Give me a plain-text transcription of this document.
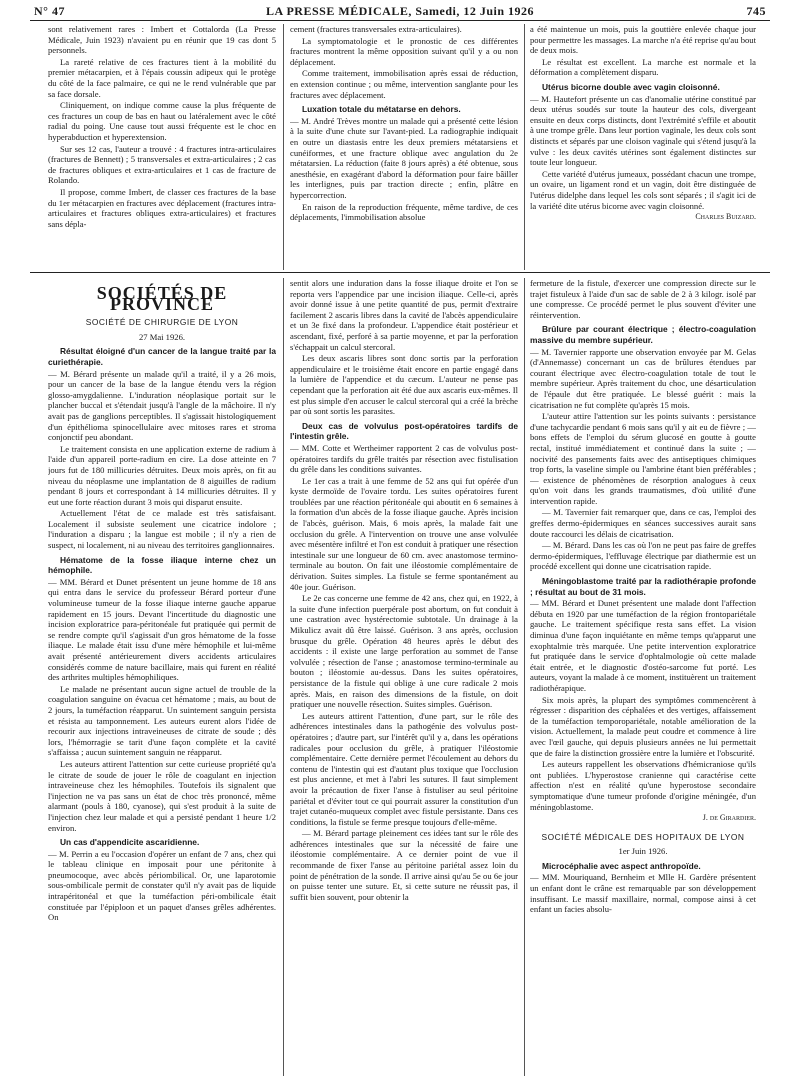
N° 47	LA PRESSE MÉDICALE, Samedi, 12 Juin 1926	745

sont relativement rares : Imbert et Cottalorda (La Presse Médicale, Juin 1923) n'avaient pu en réunir que 19 cas dont 5 personnels.

La rareté relative de ces fractures tient à la mobilité du premier métacarpien, et à l'épais coussin adipeux qui le protège du côté de la face palmaire, ce qui ne le rend vulnérable que par sa face dorsale.

Cliniquement, on indique comme cause la plus fréquente de ces fractures un coup de bas en haut ou latéralement avec le côté radial du poing. Une cause tout aussi fréquente est le choc en hyperabduction et hyperextension.

Sur ses 12 cas, l'auteur a trouvé : 4 fractures intra-articulaires (fractures de Bennett) ; 5 transversales et extra-articulaires ; 2 cas de fractures obliques et extra-articulaires et 1 cas de fracture de Rolando.

Il propose, comme Imbert, de classer ces fractures de la base du 1er métacarpien en fractures avec déplacement (fractures intra-articulaires et fractures obliques extra-articulaires) et fractures sans dépla-

cement (fractures transversales extra-articulaires).

La symptomatologie et le pronostic de ces différentes fractures montrent la même opposition suivant qu'il y a ou non déplacement.

Comme traitement, immobilisation après essai de réduction, en extension continue ; ou même, intervention sanglante pour les fractures avec déplacement.

Luxation totale du métatarse en dehors.

— M. André Trèves montre un malade qui a présenté cette lésion à la suite d'une chute sur l'avant-pied. La radiographie indiquait en outre un diastasis entre les deux premiers métatarsiens et cunéiformes, et une fracture oblique avec angulation du 2e métatarsien. La réduction (faite 8 jours après) a été obtenue, sous anesthésie, en exagérant d'abord la déformation pour faire bâiller les interlignes, puis par traction directe ; enfin, plâtre en hypercorrection.

En raison de la reproduction fréquente, même tardive, de ces déplacements, l'immobilisation absolue

a été maintenue un mois, puis la gouttière enlevée chaque jour pour permettre les massages. La marche n'a été reprise qu'au bout de deux mois.

Le résultat est excellent. La marche est normale et la déformation a complètement disparu.

Utérus bicorne double avec vagin cloisonné.

— M. Hautefort présente un cas d'anomalie utérine constitué par deux utérus soudés sur toute la hauteur des cols, divergeant ensuite en deux corps distincts, dont l'extrémité s'effile et aboutit à une trompe grêle. Dans leur portion vaginale, les deux cols sont distincts et séparés par une cloison vaginale qui s'étend jusqu'à la vulve : les deux cavités utérines sont également distinctes sur toute leur longueur.

Cette variété d'utérus jumeaux, possédant chacun une trompe, un ovaire, un ligament rond et un vagin, doit être distinguée de l'utérus didelphe dans lequel les cols sont séparés ; il s'agit ici de la variété dite utérus bicorne avec vagin cloisonné.

Charles Buizard.

SOCIÉTÉS DE PROVINCE

SOCIÉTÉ DE CHIRURGIE DE LYON

27 Mai 1926.

Résultat éloigné d'un cancer de la langue traité par la curiethérapie.

— M. Bérard présente un malade qu'il a traité, il y a 26 mois, pour un cancer de la base de la langue étendu vers la région glosso-amygdalienne. L'induration néoplasique portait sur le plancher buccal et s'étendait jusqu'à l'angle de la mâchoire. Il n'y avait pas de ganglions perceptibles. Il s'agissait histologiquement d'un épithélioma spinocellulaire avec mitoses rares et stroma conjonctif peu abondant.

Le traitement consista en une application externe de radium à l'aide d'un appareil porte-radium en cire. La dose atteinte en 7 jours fut de 180 millicuries détruites. Deux mois après, on fit au niveau du néoplasme une implantation de 8 aiguilles de radium pendant 8 jours et correspondant à 14 millicuries détruites. Il y eut une forte réaction durant 3 mois qui disparut ensuite.

Actuellement l'état de ce malade est très satisfaisant. Localement il subsiste seulement une cicatrice indolore ; l'induration a disparu ; la langue est mobile ; il n'y a rien de suspect, ni localement, ni au niveau des territoires ganglionnaires.

Hématome de la fosse iliaque interne chez un hémophile.

— MM. Bérard et Dunet présentent un jeune homme de 18 ans qui entra dans le service du professeur Bérard porteur d'une volumineuse tumeur de la fosse iliaque interne gauche apparue rapidement en 15 jours. Devant l'incertitude du diagnostic une incision exploratrice para-péritonéale fut pratiquée qui permit de se rendre compte qu'il s'agissait d'un gros hématome de la fosse iliaque. Le malade était issu d'une mère hémophile et lui-même avait présenté antérieurement divers accidents articulaires considérés comme de nature bacillaire, mais qui furent en réalité des arthrites multiples hémophiliques.

Le malade ne présentant aucun signe actuel de trouble de la coagulation sanguine on évacua cet hématome ; mais, au bout de 2 jours, la tuméfaction réapparut. Un suintement sanguin persista et résista au tamponnement. Les auteurs eurent alors l'idée de recourir aux injections intraveineuses de citrate de soude ; dès lors, l'hémorragie se tarit d'une façon complète et la cavité s'affaissa ; aucun suintement sanguin ne réapparut.

Les auteurs attirent l'attention sur cette curieuse propriété qu'a le citrate de soude de jouer le rôle de coagulant en injection intraveineuse chez les hémophiles. Toutefois ils signalent que l'injection ne va pas sans un état de choc très prononcé, même alarmant (pouls à 180, cyanose), qui s'est produit à la suite de l'injection chez leur malade et qui a persisté pendant 1 heure 1/2 environ.

Un cas d'appendicite ascaridienne.

— M. Perrin a eu l'occasion d'opérer un enfant de 7 ans, chez qui le tableau clinique en imposait pour une péritonite à pneumocoque, avec abcès périombilical. Or, une laparotomie sous-ombilicale permit de constater qu'il n'y avait pas de liquide intrapéritonéal et que la tuméfaction péri-ombilicale était constituée par l'épiploon et un paquet d'anses grêles adhérentes. On

sentit alors une induration dans la fosse iliaque droite et l'on se reporta vers l'appendice par une incision iliaque. Celle-ci, après avoir donné issue à une petite quantité de pus, permit d'extraire facilement 2 ascaris libres dans la cavité de l'abcès appendiculaire et un 3e fixé dans la profondeur. L'appendice était postérieur et ascendant, fixé, perforé à sa partie moyenne, et par la perforation s'échappait un calcul stercoral.

Les deux ascaris libres sont donc sortis par la perforation appendiculaire et le troisième était encore en partie engagé dans la lumière de l'appendice et du cæcum. L'auteur ne pense pas cependant que la perforation ait été due aux ascaris eux-mêmes. Il est plus simple d'en accuser le calcul stercoral qui a créé la brèche par où sont sortis les parasites.

Deux cas de volvulus post-opératoires tardifs de l'intestin grêle.

— MM. Cotte et Wertheimer rapportent 2 cas de volvulus post-opératoires tardifs du grêle traités par résection avec fistulisation du grêle dans les conditions suivantes.

Le 1er cas a trait à une femme de 52 ans qui fut opérée d'un kyste dermoïde de l'ovaire tordu. Les suites opératoires furent troublées par une réaction péritonéale qui aboutit en 6 semaines à la formation d'un abcès de la fosse iliaque gauche. Après incision de l'abcès, guérison. Mais, 6 mois après, la malade fait une occlusion du grêle. A l'intervention on trouve une anse volvulée avec mésentère infiltré et l'on est conduit à pratiquer une résection intestinale sur une longueur de 60 cm. avec anastomose termino-terminale au bouton. On fait une iléostomie complémentaire de dérivation. Suites simples. La fistule se ferme spontanément au 40e jour. Guérison.

Le 2e cas concerne une femme de 42 ans, chez qui, en 1922, à la suite d'une infection puerpérale post abortum, on fut conduit à une castration avec hystérectomie subtotale. Un drainage à la Mikulicz avait dû être laissé. Guérison. 3 ans après, occlusion brusque du grêle. Opération 48 heures après le début des accidents : il existe une large perforation au sommet de l'anse volvulée ; résection de l'anse ; anastomose termino-terminale au bouton ; iléostomie au-dessus. Dans les suites opératoires, persistance de la fistule qui oblige à une cure radicale 2 mois après. Mais, en raison des dimensions de la fistule, on doit pratiquer une nouvelle résection. Suites simples. Guérison.

Les auteurs attirent l'attention, d'une part, sur le rôle des adhérences intestinales dans la pathogénie des volvulus post-opératoires ; d'autre part, sur l'intérêt qu'il y a, dans les opérations radicales pour occlusion du grêle, à pratiquer l'iléostomie complémentaire. Cette dernière permet l'écoulement au dehors du contenu de l'intestin qui est d'autant plus toxique que l'occlusion est plus ancienne, et met à l'abri les sutures. Il faut simplement avoir la précaution de fixer l'anse à fistuliser au seul péritoine pariétal et d'éviter tout ce qui pourrait assurer la constitution d'un trajet cutanéo-muqueux complet avec fistule persistante. Dans ces conditions, la fistule se ferme presque toujours d'elle-même.

— M. Bérard partage pleinement ces idées tant sur le rôle des adhérences intestinales que sur la nécessité de faire une iléostomie complémentaire. A ce dernier point de vue il recommande de fixer l'anse au péritoine pariétal assez loin du point de pénétration de la sonde. Il arrive ainsi qu'au 5e ou 6e jour on puisse tenter une suture. Et, si cette suture ne réussit pas, il suffit bien souvent, pour obtenir la

fermeture de la fistule, d'exercer une compression directe sur le trajet fistuleux à l'aide d'un sac de sable de 2 à 3 kilogr. isolé par une compresse. Ce procédé permet le plus souvent d'éviter une réintervention.

Brûlure par courant électrique ; électro-coagulation massive du membre supérieur.

— M. Tavernier rapporte une observation envoyée par M. Gelas (d'Annemasse) concernant un cas de brûlures étendues par courant électrique avec électro-coagulation totale de tout le membre supérieur. Après traitement du choc, une désarticulation de l'épaule dut être pratiquée. Le blessé guérit : mais la cicatrisation ne fut complète qu'après 15 mois.

L'auteur attire l'attention sur les points suivants : persistance d'une tachycardie pendant 6 mois sans qu'il y ait eu de fièvre ; — bons effets de l'emploi du sérum glucosé en goutte à goutte rectal, institué immédiatement et continué dans la suite ; — nocivité des pansements faits avec des antiseptiques chimiques trop forts, la vaseline simple ou l'ambrine étant bien préférables ; — existence de phénomènes de résorption analogues à ceux qu'on voit dans les grands traumatismes, d'où utilité d'une intervention rapide.

— M. Tavernier fait remarquer que, dans ce cas, l'emploi des greffes dermo-épidermiques en séances successives aurait sans doute raccourci les délais de cicatrisation.

— M. Bérard. Dans les cas où l'on ne peut pas faire de greffes dermo-épidermiques, l'effluvage électrique par diathermie est un procédé excellent qui donne une cicatrisation rapide.

Méningoblastome traité par la radiothérapie profonde ; résultat au bout de 31 mois.

— MM. Bérard et Dunet présentent une malade dont l'affection débuta en 1920 par une tuméfaction de la région frontopariétale gauche. Le traitement spécifique resta sans effet. La vision diminua d'une façon inquiétante en même temps qu'apparut une exophtalmie très marquée. Une petite intervention exploratrice fut pratiquée dans le service d'ophtalmologie où cette malade était entrée, et le diagnostic d'ostéo-sarcome fut porté. Les auteurs, voyant la malade à ce moment, instituèrent un traitement radiothérapique.

Six mois après, la plupart des symptômes commencèrent à régresser : disparition des céphalées et des vertiges, affaissement de la tuméfaction temporopariétale, notable amélioration de la vision. Actuellement, la malade peut coudre et commence à lire avec l'œil gauche, qui depuis plusieurs années ne lui permettait que de faire la distinction grossière entre la lumière et l'obscurité.

Les auteurs rappellent les observations d'hémicraniose qu'ils ont publiées. L'hyperostose cranienne qui caractérise cette affection n'est en réalité qu'une hyperostose secondaire symptomatique d'une tumeur profonde d'origine méningée, d'un méningoblastome.

J. de Girardier.

SOCIÉTÉ MÉDICALE DES HOPITAUX DE LYON

1er Juin 1926.

Microcéphalie avec aspect anthropoïde.

— MM. Mouriquand, Bernheim et Mlle H. Gardère présentent un enfant dont le crâne est remarquable par son développement insuffisant. Le massif maxillaire, normal, compose ainsi à cet enfant un facies absolu-
